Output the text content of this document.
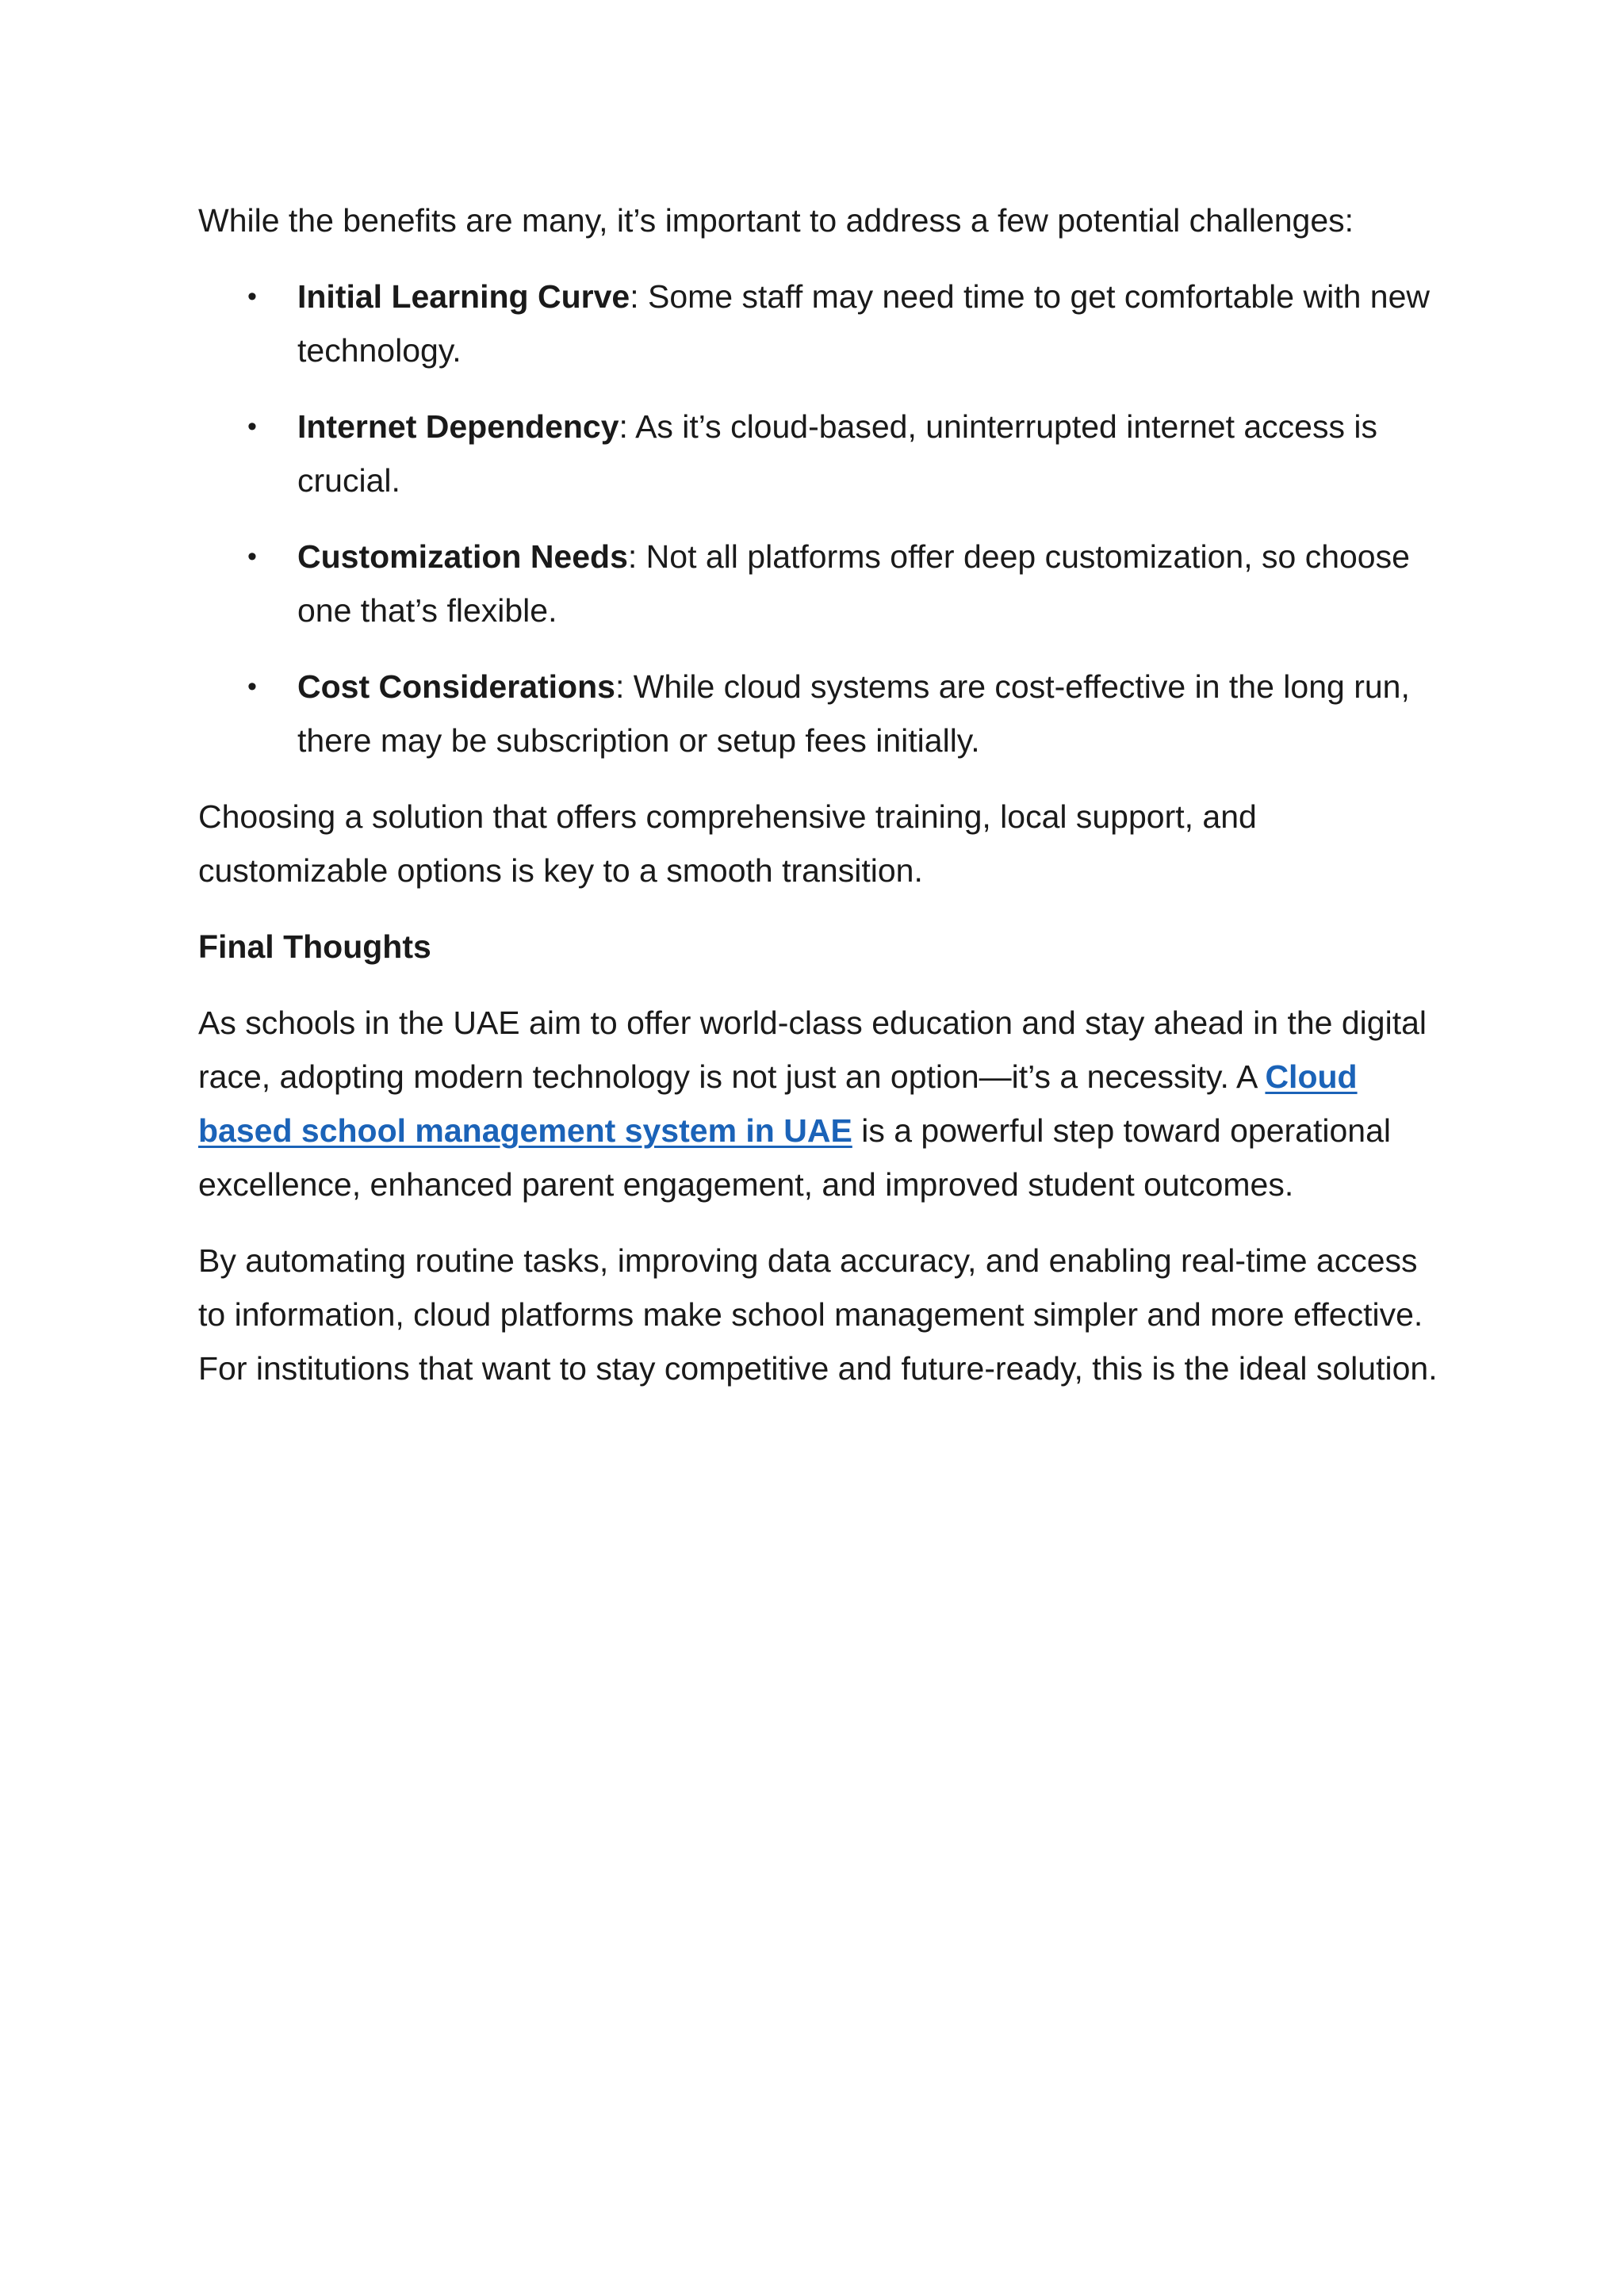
While the benefits are many, it’s important to address a few potential challenges:

• Initial Learning Curve: Some staff may need time to get comfortable with new technology.
• Internet Dependency: As it’s cloud-based, uninterrupted internet access is crucial.
• Customization Needs: Not all platforms offer deep customization, so choose one that’s flexible.
• Cost Considerations: While cloud systems are cost-effective in the long run, there may be subscription or setup fees initially.

Choosing a solution that offers comprehensive training, local support, and customizable options is key to a smooth transition.

Final Thoughts

As schools in the UAE aim to offer world-class education and stay ahead in the digital race, adopting modern technology is not just an option—it’s a necessity. A Cloud based school management system in UAE is a powerful step toward operational excellence, enhanced parent engagement, and improved student outcomes.

By automating routine tasks, improving data accuracy, and enabling real-time access to information, cloud platforms make school management simpler and more effective. For institutions that want to stay competitive and future-ready, this is the ideal solution.
